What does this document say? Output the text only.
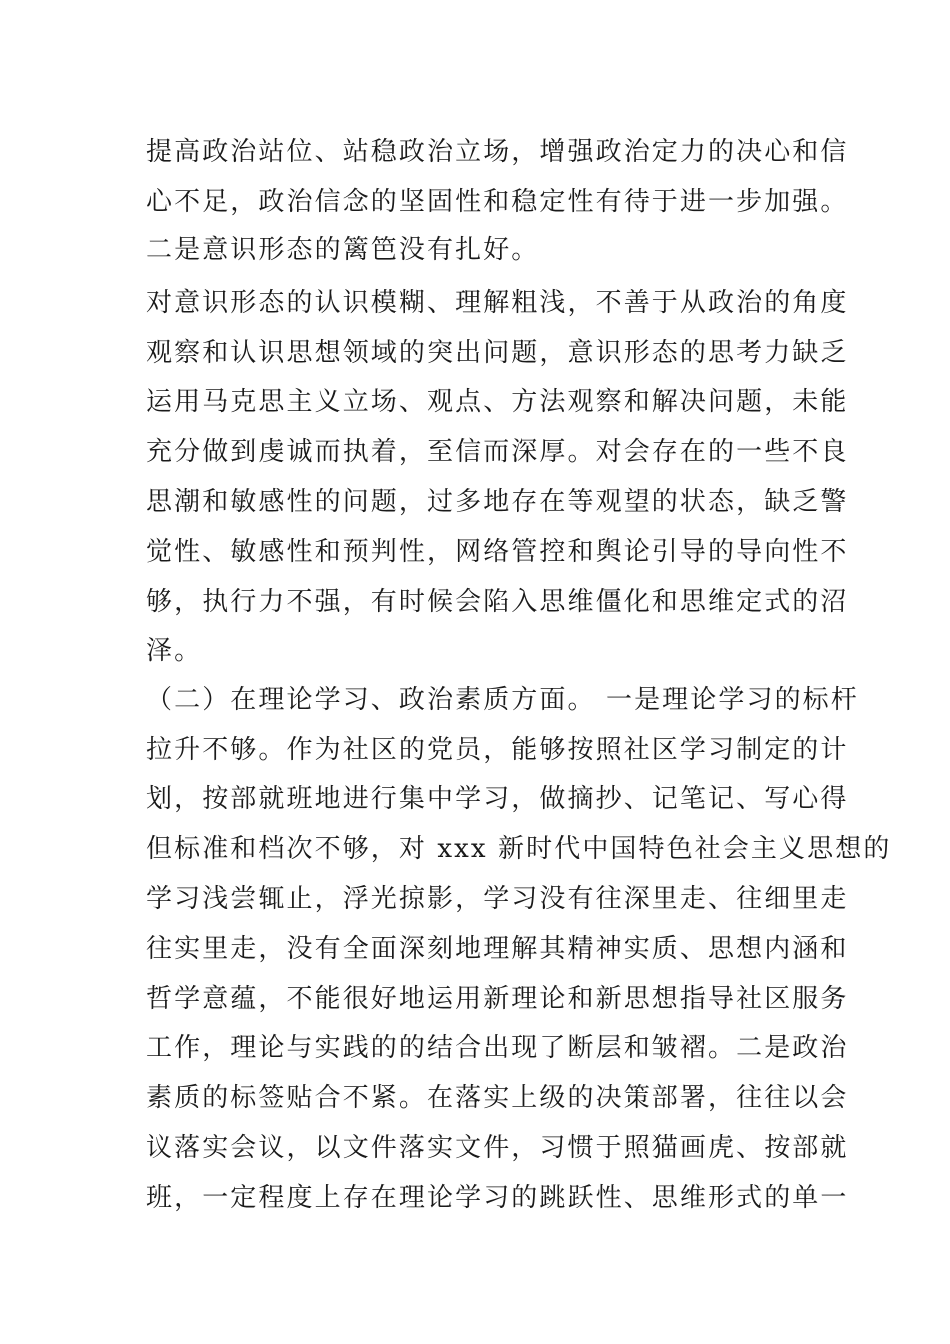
提高政治站位、站稳政治立场，增强政治定力的决心和信
心不足，政治信念的坚固性和稳定性有待于进一步加强。
二是意识形态的篱笆没有扎好。
对意识形态的认识模糊、理解粗浅，不善于从政治的角度
观察和认识思想领域的突出问题，意识形态的思考力缺乏
运用马克思主义立场、观点、方法观察和解决问题，未能
充分做到虔诚而执着，至信而深厚。对会存在的一些不良
思潮和敏感性的问题，过多地存在等观望的状态，缺乏警
觉性、敏感性和预判性，网络管控和舆论引导的导向性不
够，执行力不强，有时候会陷入思维僵化和思维定式的沼
泽。
（二）在理论学习、政治素质方面。 一是理论学习的标杆
拉升不够。作为社区的党员，能够按照社区学习制定的计
划，按部就班地进行集中学习，做摘抄、记笔记、写心得
但标准和档次不够，对 xxx 新时代中国特色社会主义思想的
学习浅尝辄止，浮光掠影，学习没有往深里走、往细里走
往实里走，没有全面深刻地理解其精神实质、思想内涵和
哲学意蕴，不能很好地运用新理论和新思想指导社区服务
工作，理论与实践的的结合出现了断层和皱褶。二是政治
素质的标签贴合不紧。在落实上级的决策部署，往往以会
议落实会议，以文件落实文件，习惯于照猫画虎、按部就
班，一定程度上存在理论学习的跳跃性、思维形式的单一
